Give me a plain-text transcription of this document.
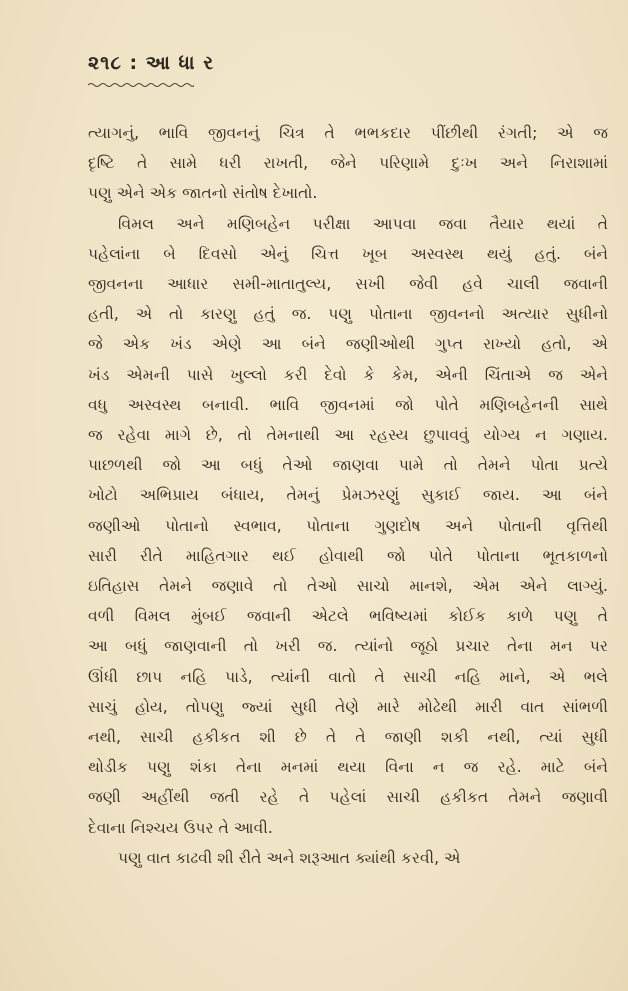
૨૧૮ : આ ધા ર

ત્યાગનું, ભાવિ જીવનનું ચિત્ર તે ભભકદાર પીંછીથી રંગતી; એ જ
દૃષ્ટિ તે સામે ધરી રાખતી, જેને પરિણામે દુઃખ અને નિરાશામાં
પણુ એને એક જાતનો સંતોષ દેખાતો.

વિમલ અને મણિબહેન પરીક્ષા આપવા જવા તૈયાર થયાં તે
પહેલાંના બે દિવસો એનું ચિત્ત ખૂબ અસ્વસ્થ થયું હતું. બંને
જીવનના આધાર સમી-માતાતુલ્ય, સખી જેવી હવે ચાલી જવાની
હતી, એ તો કારણુ હતું જ. પણુ પોતાના જીવનનો અત્યાર સુધીનો
જે એક ખંડ એણે આ બંને જણીઓથી ગુપ્ત રાખ્યો હતો, એ
ખંડ એમની પાસે ખુલ્લો કરી દેવો કે કેમ, એની ચિંતાએ જ એને
વધુ અસ્વસ્થ બનાવી. ભાવિ જીવનમાં જો પોતે મણિબહેનની સાથે
જ રહેવા માગે છે, તો તેમનાથી આ રહસ્ય છુપાવવું યોગ્ય ન ગણાય.
પાછળથી જો આ બધું તેઓ જાણવા પામે તો તેમને પોતા પ્રત્યે
ખોટો અભિપ્રાય બંધાય, તેમનું પ્રેમઝરણું સુકાઈ જાય. આ બંને
જણીઓ પોતાનો સ્વભાવ, પોતાના ગુણદોષ અને પોતાની વૃત્તિથી
સારી રીતે માહિતગાર થઈ હોવાથી જો પોતે પોતાના ભૂતકાળનો
ઇતિહાસ તેમને જણાવે તો તેઓ સાચો માનશે, એમ એને લાગ્યું.
વળી વિમલ મુંબઈ જવાની એટલે ભવિષ્યમાં કોઈક કાળે પણુ તે
આ બધું જાણવાની તો ખરી જ. ત્યાંનો જૂઠો પ્રચાર તેના મન પર
ઊંધી છાપ નહિ પાડે, ત્યાંની વાતો તે સાચી નહિ માને, એ ભલે
સાચું હોય, તોપણુ જ્યાં સુધી તેણે મારે મોઢેથી મારી વાત સાંભળી
નથી, સાચી હકીકત શી છે તે તે જાણી શકી નથી, ત્યાં સુધી
થોડીક પણુ શંકા તેના મનમાં થયા વિના ન જ રહે. માટે બંને
જણી અહીંથી જતી રહે તે પહેલાં સાચી હકીકત તેમને જણાવી
દેવાના નિશ્ચય ઉપર તે આવી.

પણુ વાત કાઢવી શી રીતે અને શરૂઆત ક્યાંથી કરવી, એ
